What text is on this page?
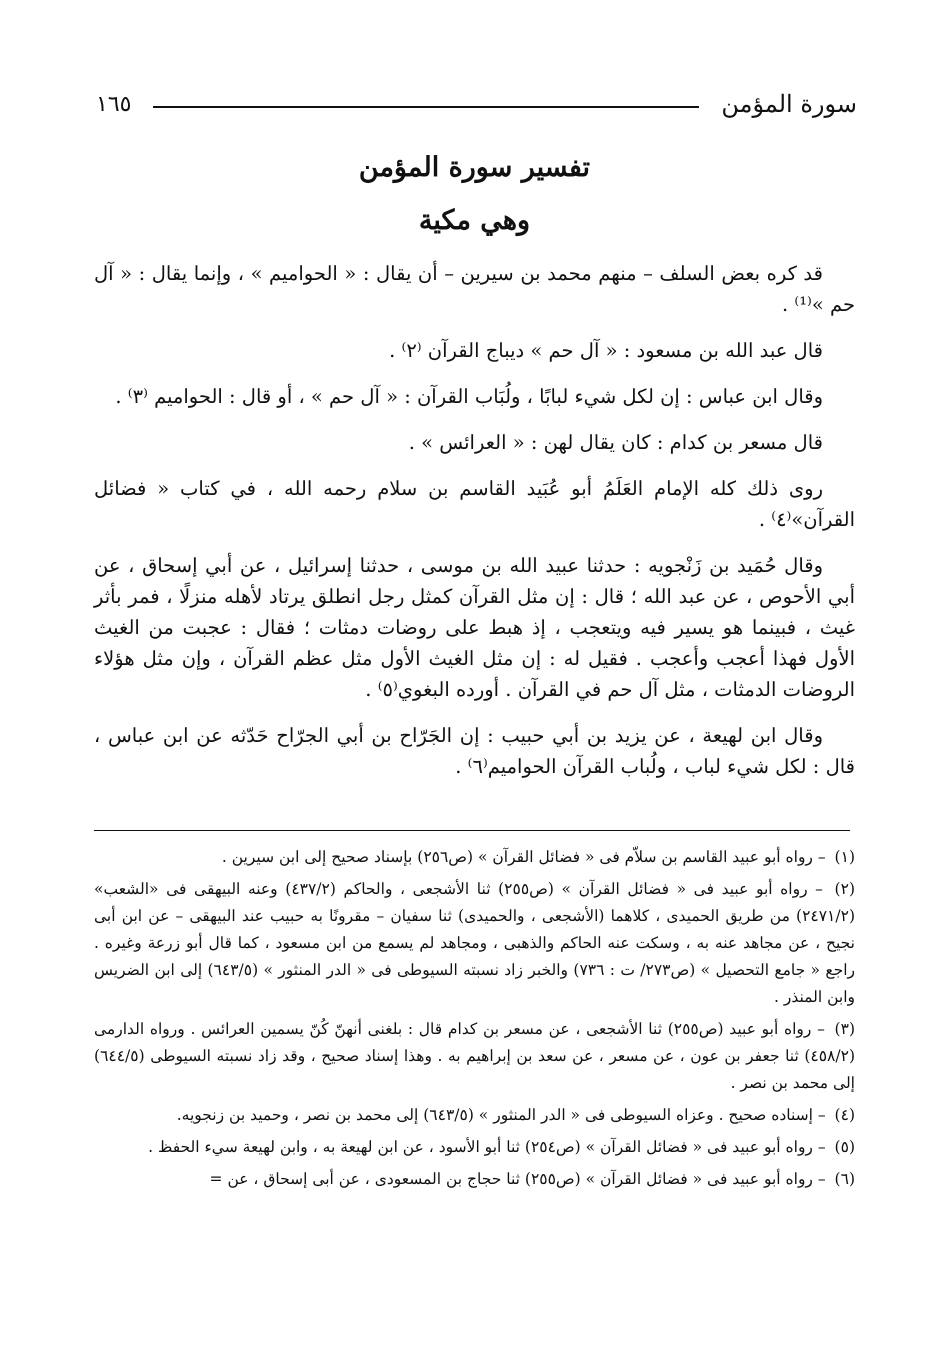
سورة المؤمن
١٦٥
تفسير سورة المؤمن
وهي مكية

قد كره بعض السلف – منهم محمد بن سيرين – أن يقال : « الحواميم » ، وإنما يقال : « آل حم »⁽¹⁾ .

قال عبد الله بن مسعود : « آل حم » ديباج القرآن ⁽٢⁾ .

وقال ابن عباس : إن لكل شيء لبابًا ، ولُبَاب القرآن : « آل حم » ، أو قال : الحواميم ⁽٣⁾ .

قال مسعر بن كدام : كان يقال لهن : « العرائس » .

روى ذلك كله الإمام العَلَمُ أبو عُبَيد القاسم بن سلام رحمه الله ، في كتاب « فضائل القرآن»⁽٤⁾ .

وقال حُمَيد بن زَنْجويه : حدثنا عبيد الله بن موسى ، حدثنا إسرائيل ، عن أبي إسحاق ، عن أبي الأحوص ، عن عبد الله ؛ قال : إن مثل القرآن كمثل رجل انطلق يرتاد لأهله منزلًا ، فمر بأثر غيث ، فبينما هو يسير فيه ويتعجب ، إذ هبط على روضات دمثات ؛ فقال : عجبت من الغيث الأول فهذا أعجب وأعجب . فقيل له : إن مثل الغيث الأول مثل عظم القرآن ، وإن مثل هؤلاء الروضات الدمثات ، مثل آل حم في القرآن . أورده البغوي⁽٥⁾ .

وقال ابن لهيعة ، عن يزيد بن أبي حبيب : إن الجَرّاح بن أبي الجرّاح حَدّثه عن ابن عباس ، قال : لكل شيء لباب ، ولُباب القرآن الحواميم⁽٦⁾ .

(١) – رواه أبو عبيد القاسم بن سلاّم فى « فضائل القرآن » (ص٢٥٦) بإسناد صحيح إلى ابن سيرين .
(٢) – رواه أبو عبيد فى « فضائل القرآن » (ص٢٥٥) ثنا الأشجعى ، والحاكم (٤٣٧/٢) وعنه البيهقى فى «الشعب» (٢٤٧١/٢) من طريق الحميدى ، كلاهما (الأشجعى ، والحميدى) ثنا سفيان – مقرونًا به حبيب عند البيهقى – عن ابن أبى نجيح ، عن مجاهد عنه به ، وسكت عنه الحاكم والذهبى ، ومجاهد لم يسمع من ابن مسعود ، كما قال أبو زرعة وغيره . راجع « جامع التحصيل » (ص٢٧٣/ ت : ٧٣٦) والخبر زاد نسبته السيوطى فى « الدر المنثور » (٦٤٣/٥) إلى ابن الضريس وابن المنذر .
(٣) – رواه أبو عبيد (ص٢٥٥) ثنا الأشجعى ، عن مسعر بن كدام قال : بلغنى أنهنّ كُنّ يسمين العرائس . ورواه الدارمى (٤٥٨/٢) ثنا جعفر بن عون ، عن مسعر ، عن سعد بن إبراهيم به . وهذا إسناد صحيح ، وقد زاد نسبته السيوطى (٦٤٤/٥) إلى محمد بن نصر .
(٤) – إسناده صحيح . وعزاه السيوطى فى « الدر المنثور » (٦٤٣/٥) إلى محمد بن نصر ، وحميد بن زنجويه.
(٥) – رواه أبو عبيد فى « فضائل القرآن » (ص٢٥٤) ثنا أبو الأسود ، عن ابن لهيعة به ، وابن لهيعة سيء الحفظ .
(٦) – رواه أبو عبيد فى « فضائل القرآن » (ص٢٥٥) ثنا حجاج بن المسعودى ، عن أبى إسحاق ، عن =
